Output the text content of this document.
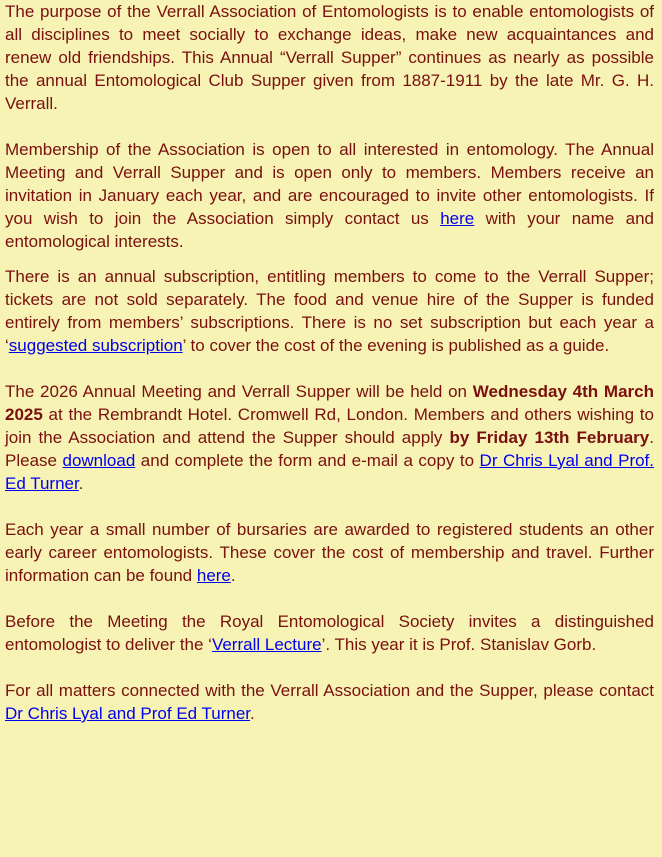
The purpose of the Verrall Association of Entomologists is to enable entomologists of all disciplines to meet socially to exchange ideas, make new acquaintances and renew old friendships. This Annual “Verrall Supper” continues as nearly as possible the annual Entomological Club Supper given from 1887-1911 by the late Mr. G. H. Verrall.

Membership of the Association is open to all interested in entomology. The Annual Meeting and Verrall Supper and is open only to members. Members receive an invitation in January each year, and are encouraged to invite other entomologists. If you wish to join the Association simply contact us here with your name and entomological interests.

There is an annual subscription, entitling members to come to the Verrall Supper; tickets are not sold separately. The food and venue hire of the Supper is funded entirely from members’ subscriptions. There is no set subscription but each year a ‘suggested subscription’ to cover the cost of the evening is published as a guide.

The 2026 Annual Meeting and Verrall Supper will be held on Wednesday 4th March 2025 at the Rembrandt Hotel. Cromwell Rd, London. Members and others wishing to join the Association and attend the Supper should apply by Friday 13th February. Please download and complete the form and e-mail a copy to Dr Chris Lyal and Prof. Ed Turner.

Each year a small number of bursaries are awarded to registered students an other early career entomologists. These cover the cost of membership and travel. Further information can be found here.

Before the Meeting the Royal Entomological Society invites a distinguished entomologist to deliver the ‘Verrall Lecture’. This year it is Prof. Stanislav Gorb.

For all matters connected with the Verrall Association and the Supper, please contact Dr Chris Lyal and Prof Ed Turner.
